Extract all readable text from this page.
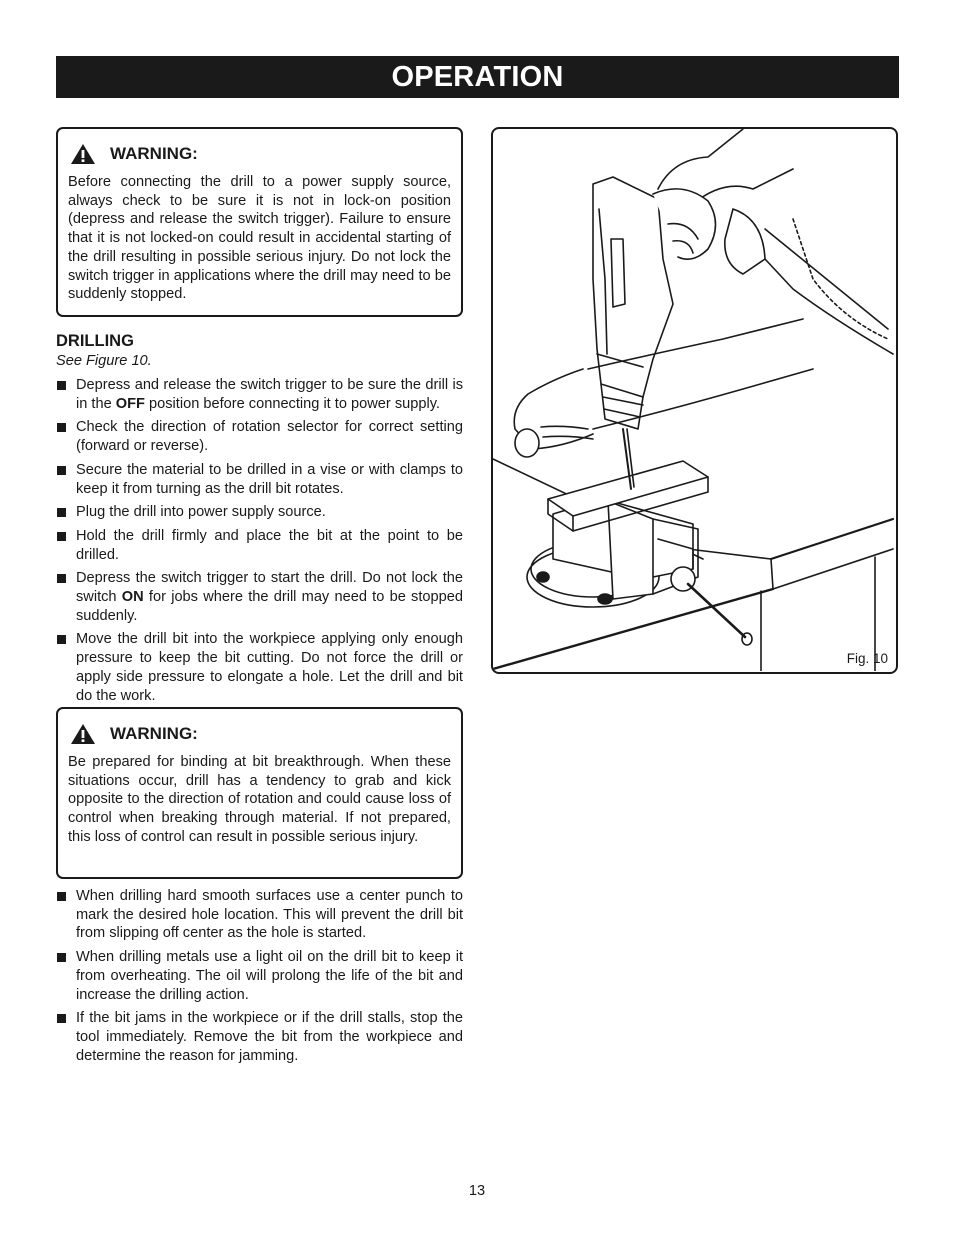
OPERATION
WARNING:
Before connecting the drill to a power supply source, always check to be sure it is not in lock-on position (depress and release the switch trigger). Failure to ensure that it is not locked-on could result in accidental starting of the drill resulting in possible serious injury. Do not lock the switch trigger in applications where the drill may need to be suddenly stopped.
DRILLING
See Figure 10.
Depress and release the switch trigger to be sure the drill is in the OFF position before connecting it to power supply.
Check the direction of rotation selector for correct setting (forward or reverse).
Secure the material to be drilled in a vise or with clamps to keep it from turning as the drill bit rotates.
Plug the drill into power supply source.
Hold the drill firmly and place the bit at the point to be drilled.
Depress the switch trigger to start the drill. Do not lock the switch ON for jobs where the drill may need to be stopped suddenly.
Move the drill bit into the workpiece applying only enough pressure to keep the bit cutting. Do not force the drill or apply side pressure to elongate a hole. Let the drill and bit do the work.
WARNING:
Be prepared for binding at bit breakthrough. When these situations occur, drill has a tendency to grab and kick opposite to the direction of rotation and could cause loss of control when breaking through material. If not prepared, this loss of control can result in possible serious injury.
When drilling hard smooth surfaces use a center punch to mark the desired hole location. This will prevent the drill bit from slipping off center as the hole is started.
When drilling metals use a light oil on the drill bit to keep it from overheating. The oil will prolong the life of the bit and increase the drilling action.
If the bit jams in the workpiece or if the drill stalls, stop the tool immediately. Remove the bit from the workpiece and determine the reason for jamming.
Fig. 10
13
